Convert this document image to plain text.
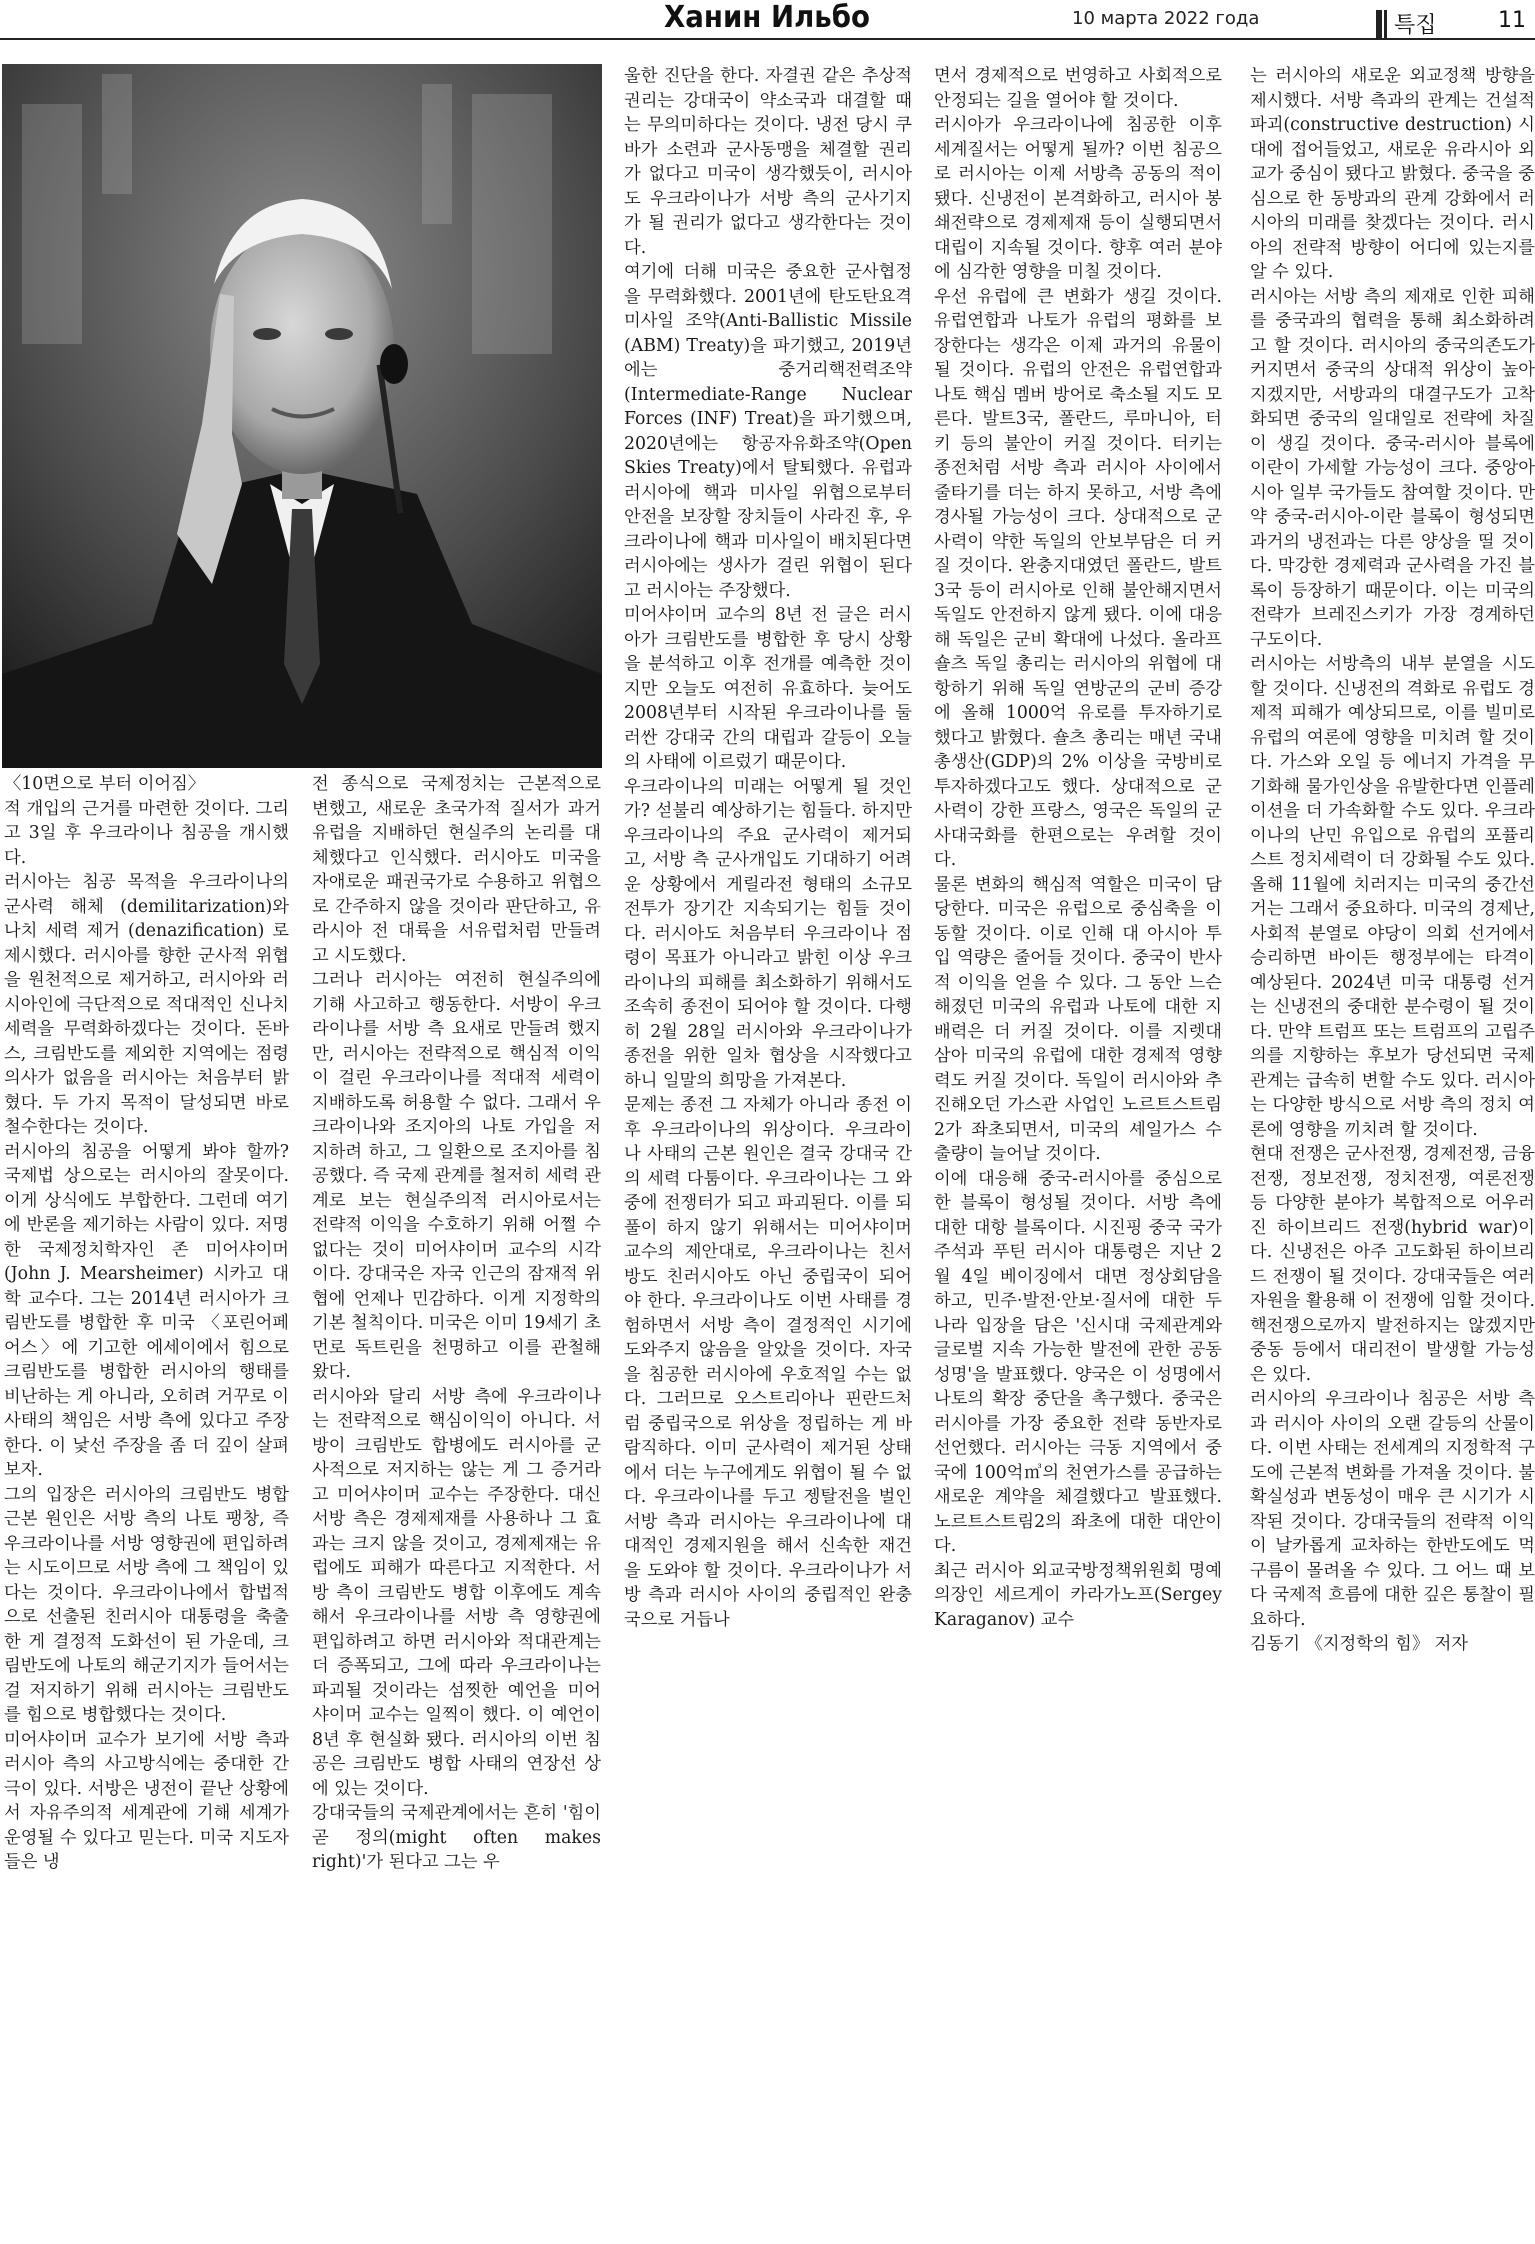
Ханин Ильбо	10 марта 2022 года	특집	11
〈10면으로 부터 이어짐〉
적 개입의 근거를 마련한 것이다. 그리고 3일 후 우크라이나 침공을 개시했다.
러시아는 침공 목적을 우크라이나의 군사력 해체 (demilitarization)와 나치 세력 제거 (denazification) 로 제시했다. 러시아를 향한 군사적 위협을 원천적으로 제거하고, 러시아와 러시아인에 극단적으로 적대적인 신나치 세력을 무력화하겠다는 것이다. 돈바스, 크림반도를 제외한 지역에는 점령의사가 없음을 러시아는 처음부터 밝혔다. 두 가지 목적이 달성되면 바로 철수한다는 것이다.
러시아의 침공을 어떻게 봐야 할까? 국제법 상으로는 러시아의 잘못이다. 이게 상식에도 부합한다. 그런데 여기에 반론을 제기하는 사람이 있다. 저명한 국제정치학자인 존 미어샤이머(John J. Mearsheimer) 시카고 대학 교수다. 그는 2014년 러시아가 크림반도를 병합한 후 미국 〈포린어페어스〉에 기고한 에세이에서 힘으로 크림반도를 병합한 러시아의 행태를 비난하는 게 아니라, 오히려 거꾸로 이 사태의 책임은 서방 측에 있다고 주장한다. 이 낯선 주장을 좀 더 깊이 살펴보자.
그의 입장은 러시아의 크림반도 병합 근본 원인은 서방 측의 나토 팽창, 즉 우크라이나를 서방 영향권에 편입하려는 시도이므로 서방 측에 그 책임이 있다는 것이다. 우크라이나에서 합법적으로 선출된 친러시아 대통령을 축출한 게 결정적 도화선이 된 가운데, 크림반도에 나토의 해군기지가 들어서는 걸 저지하기 위해 러시아는 크림반도를 힘으로 병합했다는 것이다.
미어샤이머 교수가 보기에 서방 측과 러시아 측의 사고방식에는 중대한 간극이 있다. 서방은 냉전이 끝난 상황에서 자유주의적 세계관에 기해 세계가 운영될 수 있다고 믿는다. 미국 지도자들은 냉
전 종식으로 국제정치는 근본적으로 변했고, 새로운 초국가적 질서가 과거 유럽을 지배하던 현실주의 논리를 대체했다고 인식했다. 러시아도 미국을 자애로운 패권국가로 수용하고 위협으로 간주하지 않을 것이라 판단하고, 유라시아 전 대륙을 서유럽처럼 만들려고 시도했다.
그러나 러시아는 여전히 현실주의에 기해 사고하고 행동한다. 서방이 우크라이나를 서방 측 요새로 만들려 했지만, 러시아는 전략적으로 핵심적 이익이 걸린 우크라이나를 적대적 세력이 지배하도록 허용할 수 없다. 그래서 우크라이나와 조지아의 나토 가입을 저지하려 하고, 그 일환으로 조지아를 침공했다. 즉 국제 관계를 철저히 세력 관계로 보는 현실주의적 러시아로서는 전략적 이익을 수호하기 위해 어쩔 수 없다는 것이 미어샤이머 교수의 시각이다. 강대국은 자국 인근의 잠재적 위협에 언제나 민감하다. 이게 지정학의 기본 철칙이다. 미국은 이미 19세기 초 먼로 독트린을 천명하고 이를 관철해왔다.
러시아와 달리 서방 측에 우크라이나는 전략적으로 핵심이익이 아니다. 서방이 크림반도 합병에도 러시아를 군사적으로 저지하는 않는 게 그 증거라고 미어샤이머 교수는 주장한다. 대신 서방 측은 경제제재를 사용하나 그 효과는 크지 않을 것이고, 경제제재는 유럽에도 피해가 따른다고 지적한다. 서방 측이 크림반도 병합 이후에도 계속해서 우크라이나를 서방 측 영향권에 편입하려고 하면 러시아와 적대관계는 더 증폭되고, 그에 따라 우크라이나는 파괴될 것이라는 섬찟한 예언을 미어샤이머 교수는 일찍이 했다. 이 예언이 8년 후 현실화 됐다. 러시아의 이번 침공은 크림반도 병합 사태의 연장선 상에 있는 것이다.
강대국들의 국제관계에서는 흔히 '힘이 곧 정의(might often makes right)'가 된다고 그는 우
울한 진단을 한다. 자결권 같은 추상적 권리는 강대국이 약소국과 대결할 때는 무의미하다는 것이다. 냉전 당시 쿠바가 소련과 군사동맹을 체결할 권리가 없다고 미국이 생각했듯이, 러시아도 우크라이나가 서방 측의 군사기지가 될 권리가 없다고 생각한다는 것이다.
여기에 더해 미국은 중요한 군사협정을 무력화했다. 2001년에 탄도탄요격미사일 조약(Anti-Ballistic Missile (ABM) Treaty)을 파기했고, 2019년에는 중거리핵전력조약(Intermediate-Range Nuclear Forces (INF) Treat)을 파기했으며, 2020년에는 항공자유화조약(Open Skies Treaty)에서 탈퇴했다. 유럽과 러시아에 핵과 미사일 위협으로부터 안전을 보장할 장치들이 사라진 후, 우크라이나에 핵과 미사일이 배치된다면 러시아에는 생사가 걸린 위협이 된다고 러시아는 주장했다.
미어샤이머 교수의 8년 전 글은 러시아가 크림반도를 병합한 후 당시 상황을 분석하고 이후 전개를 예측한 것이지만 오늘도 여전히 유효하다. 늦어도 2008년부터 시작된 우크라이나를 둘러싼 강대국 간의 대립과 갈등이 오늘의 사태에 이르렀기 때문이다.
우크라이나의 미래는 어떻게 될 것인가? 섣불리 예상하기는 힘들다. 하지만 우크라이나의 주요 군사력이 제거되고, 서방 측 군사개입도 기대하기 어려운 상황에서 게릴라전 형태의 소규모 전투가 장기간 지속되기는 힘들 것이다. 러시아도 처음부터 우크라이나 점령이 목표가 아니라고 밝힌 이상 우크라이나의 피해를 최소화하기 위해서도 조속히 종전이 되어야 할 것이다. 다행히 2월 28일 러시아와 우크라이나가 종전을 위한 일차 협상을 시작했다고 하니 일말의 희망을 가져본다.
문제는 종전 그 자체가 아니라 종전 이후 우크라이나의 위상이다. 우크라이나 사태의 근본 원인은 결국 강대국 간의 세력 다툼이다. 우크라이나는 그 와중에 전쟁터가 되고 파괴된다. 이를 되풀이 하지 않기 위해서는 미어샤이머 교수의 제안대로, 우크라이나는 친서방도 친러시아도 아닌 중립국이 되어야 한다. 우크라이나도 이번 사태를 경험하면서 서방 측이 결정적인 시기에 도와주지 않음을 알았을 것이다. 자국을 침공한 러시아에 우호적일 수는 없다. 그러므로 오스트리아나 핀란드처럼 중립국으로 위상을 정립하는 게 바람직하다. 이미 군사력이 제거된 상태에서 더는 누구에게도 위협이 될 수 없다. 우크라이나를 두고 젱탈전을 벌인 서방 측과 러시아는 우크라이나에 대대적인 경제지원을 해서 신속한 재건을 도와야 할 것이다. 우크라이나가 서방 측과 러시아 사이의 중립적인 완충국으로 거듭나
면서 경제적으로 번영하고 사회적으로 안정되는 길을 열어야 할 것이다.
러시아가 우크라이나에 침공한 이후 세계질서는 어떻게 될까? 이번 침공으로 러시아는 이제 서방측 공동의 적이 됐다. 신냉전이 본격화하고, 러시아 봉쇄전략으로 경제제재 등이 실행되면서 대립이 지속될 것이다. 향후 여러 분야에 심각한 영향을 미칠 것이다.
우선 유럽에 큰 변화가 생길 것이다. 유럽연합과 나토가 유럽의 평화를 보장한다는 생각은 이제 과거의 유물이 될 것이다. 유럽의 안전은 유럽연합과 나토 핵심 멤버 방어로 축소될 지도 모른다. 발트3국, 폴란드, 루마니아, 터키 등의 불안이 커질 것이다. 터키는 종전처럼 서방 측과 러시아 사이에서 줄타기를 더는 하지 못하고, 서방 측에 경사될 가능성이 크다. 상대적으로 군사력이 약한 독일의 안보부담은 더 커질 것이다. 완충지대였던 폴란드, 발트3국 등이 러시아로 인해 불안해지면서 독일도 안전하지 않게 됐다. 이에 대응해 독일은 군비 확대에 나섰다. 올라프 숄츠 독일 총리는 러시아의 위협에 대항하기 위해 독일 연방군의 군비 증강에 올해 1000억 유로를 투자하기로 했다고 밝혔다. 숄츠 총리는 매년 국내총생산(GDP)의 2% 이상을 국방비로 투자하겠다고도 했다. 상대적으로 군사력이 강한 프랑스, 영국은 독일의 군사대국화를 한편으로는 우려할 것이다.
물론 변화의 핵심적 역할은 미국이 담당한다. 미국은 유럽으로 중심축을 이동할 것이다. 이로 인해 대 아시아 투입 역량은 줄어들 것이다. 중국이 반사적 이익을 얻을 수 있다. 그 동안 느슨해졌던 미국의 유럽과 나토에 대한 지배력은 더 커질 것이다. 이를 지렛대 삼아 미국의 유럽에 대한 경제적 영향력도 커질 것이다. 독일이 러시아와 추진해오던 가스관 사업인 노르트스트림2가 좌초되면서, 미국의 셰일가스 수출량이 늘어날 것이다.
이에 대응해 중국-러시아를 중심으로 한 블록이 형성될 것이다. 서방 측에 대한 대항 블록이다. 시진핑 중국 국가주석과 푸틴 러시아 대통령은 지난 2월 4일 베이징에서 대면 정상회담을 하고, 민주·발전·안보·질서에 대한 두 나라 입장을 담은 '신시대 국제관계와 글로벌 지속 가능한 발전에 관한 공동성명'을 발표했다. 양국은 이 성명에서 나토의 확장 중단을 촉구했다. 중국은 러시아를 가장 중요한 전략 동반자로 선언했다. 러시아는 극동 지역에서 중국에 100억㎥의 천연가스를 공급하는 새로운 계약을 체결했다고 발표했다. 노르트스트림2의 좌초에 대한 대안이다.
최근 러시아 외교국방정책위원회 명예의장인 세르게이 카라가노프(Sergey Karaganov) 교수
는 러시아의 새로운 외교정책 방향을 제시했다. 서방 측과의 관계는 건설적 파괴(constructive destruction) 시대에 접어들었고, 새로운 유라시아 외교가 중심이 됐다고 밝혔다. 중국을 중심으로 한 동방과의 관계 강화에서 러시아의 미래를 찾겠다는 것이다. 러시아의 전략적 방향이 어디에 있는지를 알 수 있다.
러시아는 서방 측의 제재로 인한 피해를 중국과의 협력을 통해 최소화하려고 할 것이다. 러시아의 중국의존도가 커지면서 중국의 상대적 위상이 높아지겠지만, 서방과의 대결구도가 고착화되면 중국의 일대일로 전략에 차질이 생길 것이다. 중국-러시아 블록에 이란이 가세할 가능성이 크다. 중앙아시아 일부 국가들도 참여할 것이다. 만약 중국-러시아-이란 블록이 형성되면 과거의 냉전과는 다른 양상을 띨 것이다. 막강한 경제력과 군사력을 가진 블록이 등장하기 때문이다. 이는 미국의 전략가 브레진스키가 가장 경계하던 구도이다.
러시아는 서방측의 내부 분열을 시도할 것이다. 신냉전의 격화로 유럽도 경제적 피해가 예상되므로, 이를 빌미로 유럽의 여론에 영향을 미치려 할 것이다. 가스와 오일 등 에너지 가격을 무기화해 물가인상을 유발한다면 인플레이션을 더 가속화할 수도 있다. 우크라이나의 난민 유입으로 유럽의 포퓰리스트 정치세력이 더 강화될 수도 있다. 올해 11월에 치러지는 미국의 중간선거는 그래서 중요하다. 미국의 경제난, 사회적 분열로 야당이 의회 선거에서 승리하면 바이든 행정부에는 타격이 예상된다. 2024년 미국 대통령 선거는 신냉전의 중대한 분수령이 될 것이다. 만약 트럼프 또는 트럼프의 고립주의를 지향하는 후보가 당선되면 국제관계는 급속히 변할 수도 있다. 러시아는 다양한 방식으로 서방 측의 정치 여론에 영향을 끼치려 할 것이다.
현대 전쟁은 군사전쟁, 경제전쟁, 금융전쟁, 정보전쟁, 정치전쟁, 여론전쟁 등 다양한 분야가 복합적으로 어우러진 하이브리드 전쟁(hybrid war)이다. 신냉전은 아주 고도화된 하이브리드 전쟁이 될 것이다. 강대국들은 여러 자원을 활용해 이 전쟁에 임할 것이다. 핵전쟁으로까지 발전하지는 않겠지만 중동 등에서 대리전이 발생할 가능성은 있다.
러시아의 우크라이나 침공은 서방 측과 러시아 사이의 오랜 갈등의 산물이다. 이번 사태는 전세계의 지정학적 구도에 근본적 변화를 가져올 것이다. 불확실성과 변동성이 매우 큰 시기가 시작된 것이다. 강대국들의 전략적 이익이 날카롭게 교차하는 한반도에도 먹구름이 몰려올 수 있다. 그 어느 때 보다 국제적 흐름에 대한 깊은 통찰이 필요하다.
김동기 《지정학의 힘》 저자
